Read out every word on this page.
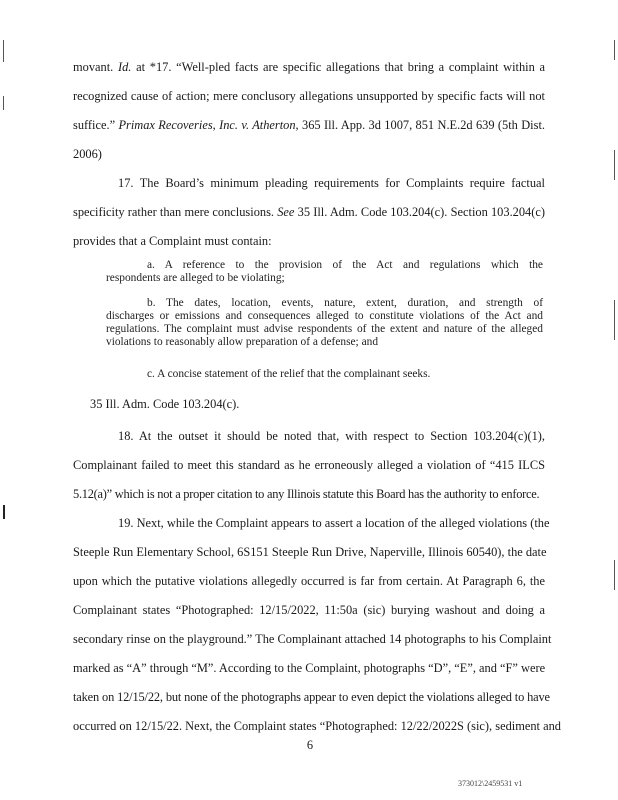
movant. Id. at *17. “Well-pled facts are specific allegations that bring a complaint within a
recognized cause of action; mere conclusory allegations unsupported by specific facts will not
suffice.” Primax Recoveries, Inc. v. Atherton, 365 Ill. App. 3d 1007, 851 N.E.2d 639 (5th Dist.
2006)
17. The Board’s minimum pleading requirements for Complaints require factual
specificity rather than mere conclusions. See 35 Ill. Adm. Code 103.204(c). Section 103.204(c)
provides that a Complaint must contain:
a. A reference to the provision of the Act and regulations which the
respondents are alleged to be violating;
b. The dates, location, events, nature, extent, duration, and strength of
discharges or emissions and consequences alleged to constitute violations of the Act and
regulations. The complaint must advise respondents of the extent and nature of the alleged
violations to reasonably allow preparation of a defense; and
c. A concise statement of the relief that the complainant seeks.
35 Ill. Adm. Code 103.204(c).
18. At the outset it should be noted that, with respect to Section 103.204(c)(1),
Complainant failed to meet this standard as he erroneously alleged a violation of “415 ILCS
5.12(a)” which is not a proper citation to any Illinois statute this Board has the authority to enforce.
19. Next, while the Complaint appears to assert a location of the alleged violations (the
Steeple Run Elementary School, 6S151 Steeple Run Drive, Naperville, Illinois 60540), the date
upon which the putative violations allegedly occurred is far from certain. At Paragraph 6, the
Complainant states “Photographed: 12/15/2022, 11:50a (sic) burying washout and doing a
secondary rinse on the playground.” The Complainant attached 14 photographs to his Complaint
marked as “A” through “M”. According to the Complaint, photographs “D”, “E”, and “F” were
taken on 12/15/22, but none of the photographs appear to even depict the violations alleged to have
occurred on 12/15/22. Next, the Complaint states “Photographed: 12/22/2022S (sic), sediment and
6
373012\2459531 v1
